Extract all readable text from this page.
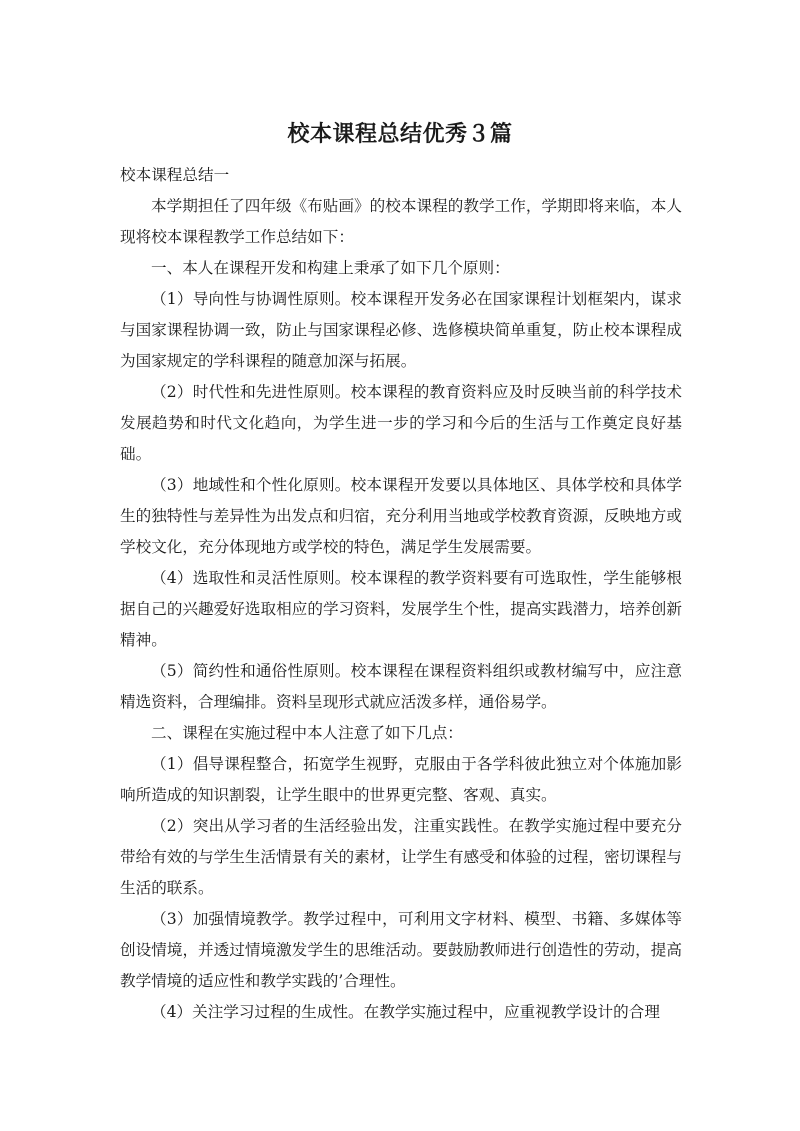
校本课程总结优秀３篇

校本课程总结一

本学期担任了四年级《布贴画》的校本课程的教学工作，学期即将来临，本人现将校本课程教学工作总结如下：

一、本人在课程开发和构建上秉承了如下几个原则：

（1）导向性与协调性原则。校本课程开发务必在国家课程计划框架内，谋求与国家课程协调一致，防止与国家课程必修、选修模块简单重复，防止校本课程成为国家规定的学科课程的随意加深与拓展。

（2）时代性和先进性原则。校本课程的教育资料应及时反映当前的科学技术发展趋势和时代文化趋向，为学生进一步的学习和今后的生活与工作奠定良好基础。

（3）地域性和个性化原则。校本课程开发要以具体地区、具体学校和具体学生的独特性与差异性为出发点和归宿，充分利用当地或学校教育资源，反映地方或学校文化，充分体现地方或学校的特色，满足学生发展需要。

（4）选取性和灵活性原则。校本课程的教学资料要有可选取性，学生能够根据自己的兴趣爱好选取相应的学习资料，发展学生个性，提高实践潜力，培养创新精神。

（5）简约性和通俗性原则。校本课程在课程资料组织或教材编写中，应注意精选资料，合理编排。资料呈现形式就应活泼多样，通俗易学。

二、课程在实施过程中本人注意了如下几点：

（1）倡导课程整合，拓宽学生视野，克服由于各学科彼此独立对个体施加影响所造成的知识割裂，让学生眼中的世界更完整、客观、真实。

（2）突出从学习者的生活经验出发，注重实践性。在教学实施过程中要充分带给有效的与学生生活情景有关的素材，让学生有感受和体验的过程，密切课程与生活的联系。

（3）加强情境教学。教学过程中，可利用文字材料、模型、书籍、多媒体等创设情境，并透过情境激发学生的思维活动。要鼓励教师进行创造性的劳动，提高教学情境的适应性和教学实践的’合理性。

（4）关注学习过程的生成性。在教学实施过程中，应重视教学设计的合理
